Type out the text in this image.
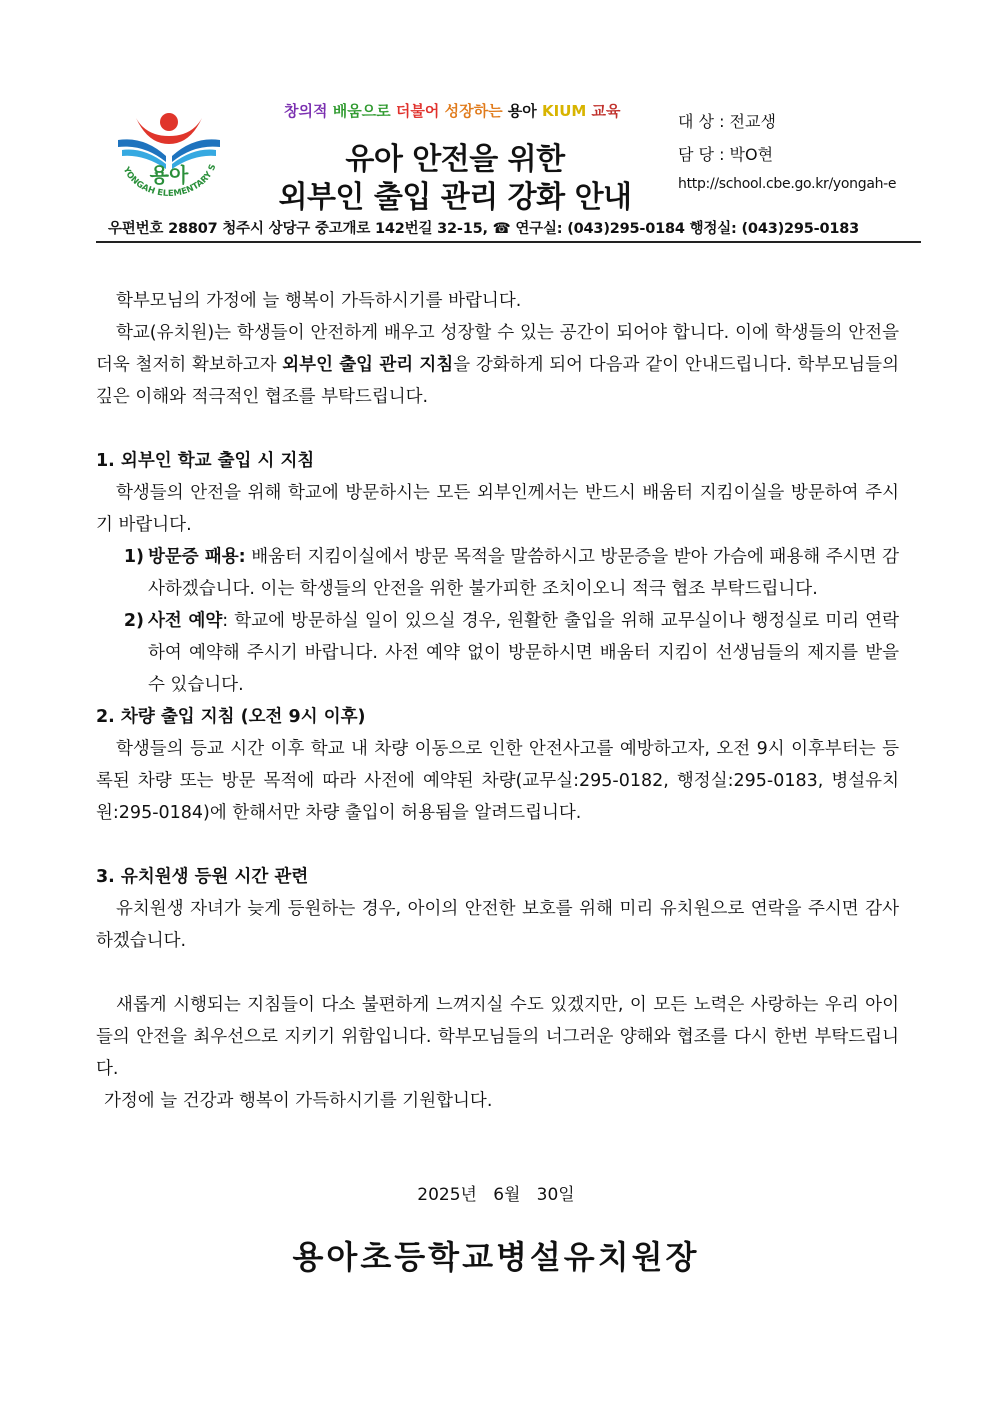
YONGAH ELEMENTARY S
용아
창의적 배움으로 더불어 성장하는 용아 KIUM 교육
유아 안전을 위한
외부인 출입 관리 강화 안내
대 상 : 전교생
담 당 : 박O현
http://school.cbe.go.kr/yongah-e
우편번호 28807 청주시 상당구 중고개로 142번길 32-15, ☎ 연구실: (043)295-0184 행정실: (043)295-0183

학부모님의 가정에 늘 행복이 가득하시기를 바랍니다.

학교(유치원)는 학생들이 안전하게 배우고 성장할 수 있는 공간이 되어야 합니다. 이에 학생들의 안전을 더욱 철저히 확보하고자 외부인 출입 관리 지침을 강화하게 되어 다음과 같이 안내드립니다. 학부모님들의 깊은 이해와 적극적인 협조를 부탁드립니다.

1. 외부인 학교 출입 시 지침

학생들의 안전을 위해 학교에 방문하시는 모든 외부인께서는 반드시 배움터 지킴이실을 방문하여 주시기 바랍니다.

1) 방문증 패용: 배움터 지킴이실에서 방문 목적을 말씀하시고 방문증을 받아 가슴에 패용해 주시면 감사하겠습니다. 이는 학생들의 안전을 위한 불가피한 조치이오니 적극 협조 부탁드립니다.
2) 사전 예약: 학교에 방문하실 일이 있으실 경우, 원활한 출입을 위해 교무실이나 행정실로 미리 연락하여 예약해 주시기 바랍니다. 사전 예약 없이 방문하시면 배움터 지킴이 선생님들의 제지를 받을 수 있습니다.

2. 차량 출입 지침 (오전 9시 이후)

학생들의 등교 시간 이후 학교 내 차량 이동으로 인한 안전사고를 예방하고자, 오전 9시 이후부터는 등록된 차량 또는 방문 목적에 따라 사전에 예약된 차량(교무실:295-0182, 행정실:295-0183, 병설유치원:295-0184)에 한해서만 차량 출입이 허용됨을 알려드립니다.

3. 유치원생 등원 시간 관련

유치원생 자녀가 늦게 등원하는 경우, 아이의 안전한 보호를 위해 미리 유치원으로 연락을 주시면 감사하겠습니다.

새롭게 시행되는 지침들이 다소 불편하게 느껴지실 수도 있겠지만, 이 모든 노력은 사랑하는 우리 아이들의 안전을 최우선으로 지키기 위함입니다. 학부모님들의 너그러운 양해와 협조를 다시 한번 부탁드립니다.

가정에 늘 건강과 행복이 가득하시기를 기원합니다.

2025년   6월   30일
용아초등학교병설유치원장
